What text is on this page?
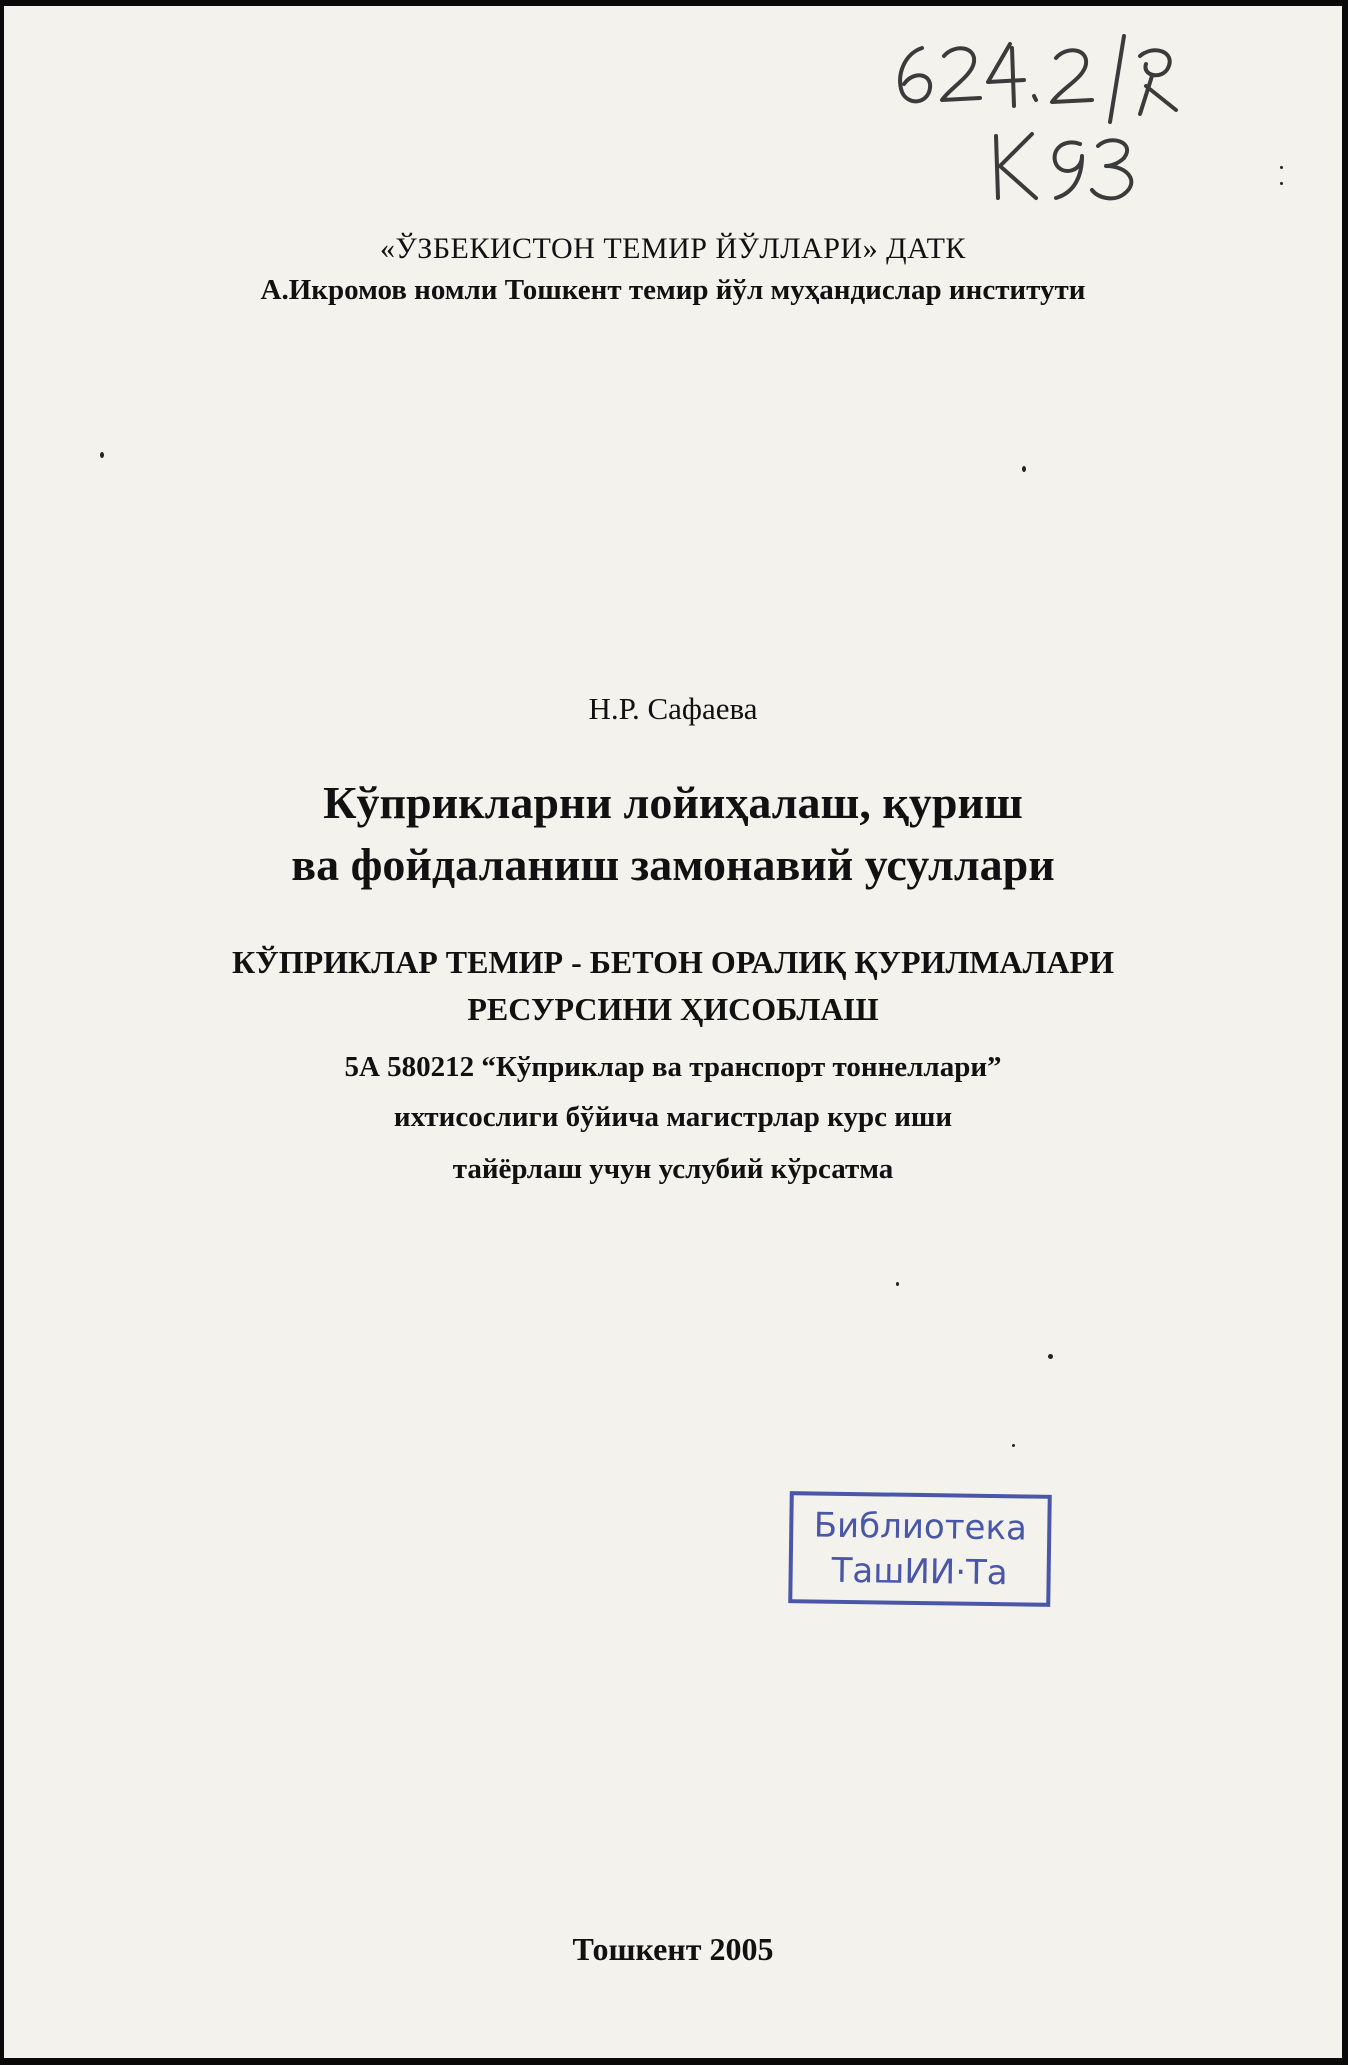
«ЎЗБЕКИСТОН ТЕМИР ЙЎЛЛАРИ» ДАТК
А.Икромов номли Тошкент темир йўл муҳандислар институти
Н.Р. Сафаева
Кўприкларни лойиҳалаш, қуриш
ва фойдаланиш замонавий усуллари
КЎПРИКЛАР ТЕМИР - БЕТОН ОРАЛИҚ ҚУРИЛМАЛАРИ
РЕСУРСИНИ ҲИСОБЛАШ
5А 580212 “Кўприклар ва транспорт тоннеллари”
ихтисослиги бўйича магистрлар курс иши
тайёрлаш учун услубий кўрсатма
Библиотека
ТашИИ·Та
Тошкент 2005
